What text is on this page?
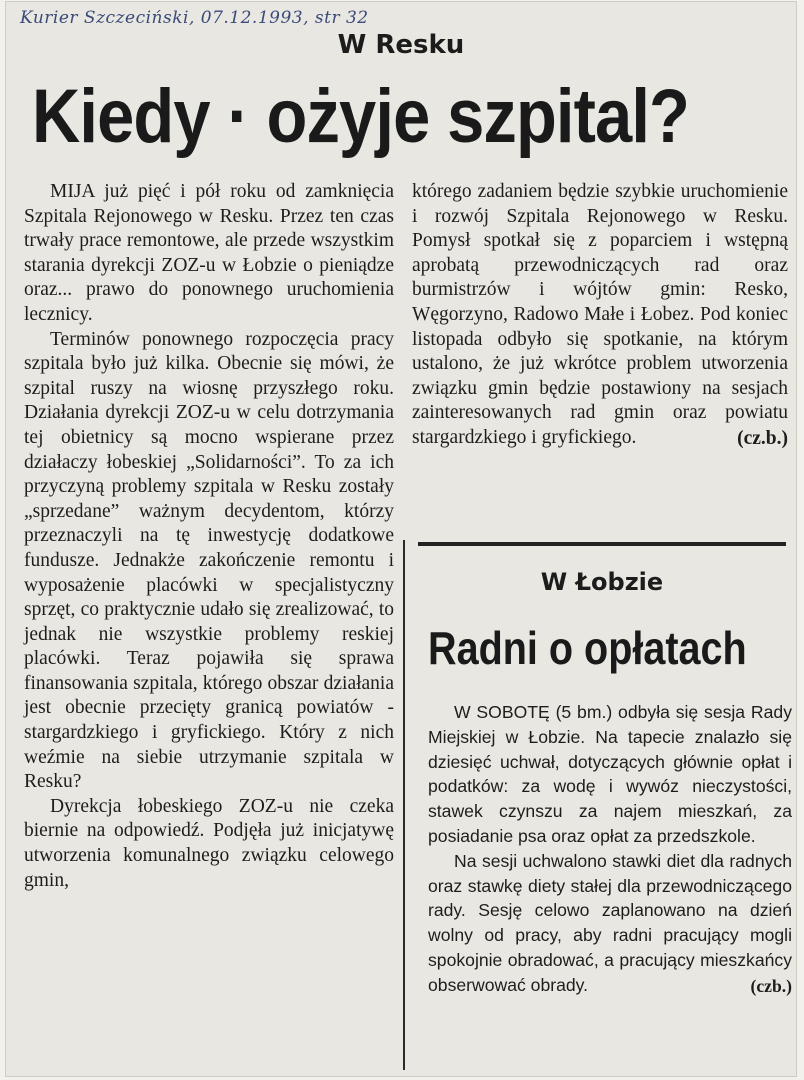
Kurier Szczeciński, 07.12.1993, str 32
W Resku
Kiedy · ożyje szpital?

MIJA już pięć i pół roku od zamknięcia Szpitala Rejonowego w Resku. Przez ten czas trwały prace remontowe, ale przede wszystkim starania dyrekcji ZOZ-u w Łobzie o pieniądze oraz... prawo do ponownego uruchomienia lecznicy.

Terminów ponownego rozpoczęcia pracy szpitala było już kilka. Obecnie się mówi, że szpital ruszy na wiosnę przyszłego roku. Działania dyrekcji ZOZ-u w celu dotrzymania tej obietnicy są mocno wspierane przez działaczy łobeskiej „Solidarności”. To za ich przyczyną problemy szpitala w Resku zostały „sprzedane” ważnym decydentom, którzy przeznaczyli na tę inwestycję dodatkowe fundusze. Jednakże zakończenie remontu i wyposażenie placówki w specjalistyczny sprzęt, co praktycznie udało się zrealizować, to jednak nie wszystkie problemy reskiej placówki. Teraz pojawiła się sprawa finansowania szpitala, którego obszar działania jest obecnie przecięty granicą powiatów - stargardzkiego i gryfickiego. Który z nich weźmie na siebie utrzymanie szpitala w Resku?

Dyrekcja łobeskiego ZOZ-u nie czeka biernie na odpowiedź. Podjęła już inicjatywę utworzenia komunalnego związku celowego gmin,

którego zadaniem będzie szybkie uruchomienie i rozwój Szpitala Rejonowego w Resku. Pomysł spotkał się z poparciem i wstępną aprobatą przewodniczących rad oraz burmistrzów i wójtów gmin: Resko, Węgorzyno, Radowo Małe i Łobez. Pod koniec listopada odbyło się spotkanie, na którym ustalono, że już wkrótce problem utworzenia związku gmin będzie postawiony na sesjach zainteresowanych rad gmin oraz powiatu stargardzkiego i gryfickiego.	(cz.b.)
W Łobzie
Radni o opłatach

W SOBOTĘ (5 bm.) odbyła się sesja Rady Miejskiej w Łobzie. Na tapecie znalazło się dziesięć uchwał, dotyczących głównie opłat i podatków: za wodę i wywóz nieczystości, stawek czynszu za najem mieszkań, za posiadanie psa oraz opłat za przedszkole.

Na sesji uchwalono stawki diet dla radnych oraz stawkę diety stałej dla przewodniczącego rady. Sesję celowo zaplanowano na dzień wolny od pracy, aby radni pracujący mogli spokojnie obradować, a pracujący mieszkańcy obserwować obrady.	(czb.)
